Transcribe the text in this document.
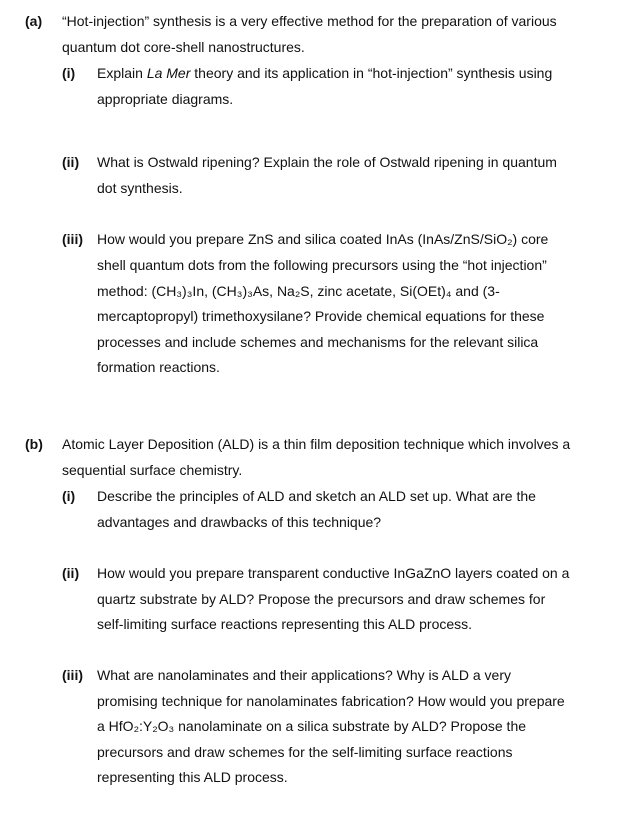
(a) “Hot-injection” synthesis is a very effective method for the preparation of various
quantum dot core-shell nanostructures.
(i) Explain La Mer theory and its application in “hot-injection” synthesis using
appropriate diagrams.
(ii) What is Ostwald ripening? Explain the role of Ostwald ripening in quantum
dot synthesis.
(iii) How would you prepare ZnS and silica coated InAs (InAs/ZnS/SiO₂) core
shell quantum dots from the following precursors using the “hot injection”
method: (CH₃)₃In, (CH₃)₃As, Na₂S, zinc acetate, Si(OEt)₄ and (3-
mercaptopropyl) trimethoxysilane? Provide chemical equations for these
processes and include schemes and mechanisms for the relevant silica
formation reactions.
(b) Atomic Layer Deposition (ALD) is a thin film deposition technique which involves a
sequential surface chemistry.
(i) Describe the principles of ALD and sketch an ALD set up. What are the
advantages and drawbacks of this technique?
(ii) How would you prepare transparent conductive InGaZnO layers coated on a
quartz substrate by ALD? Propose the precursors and draw schemes for
self-limiting surface reactions representing this ALD process.
(iii) What are nanolaminates and their applications? Why is ALD a very
promising technique for nanolaminates fabrication? How would you prepare
a HfO₂:Y₂O₃ nanolaminate on a silica substrate by ALD? Propose the
precursors and draw schemes for the self-limiting surface reactions
representing this ALD process.
